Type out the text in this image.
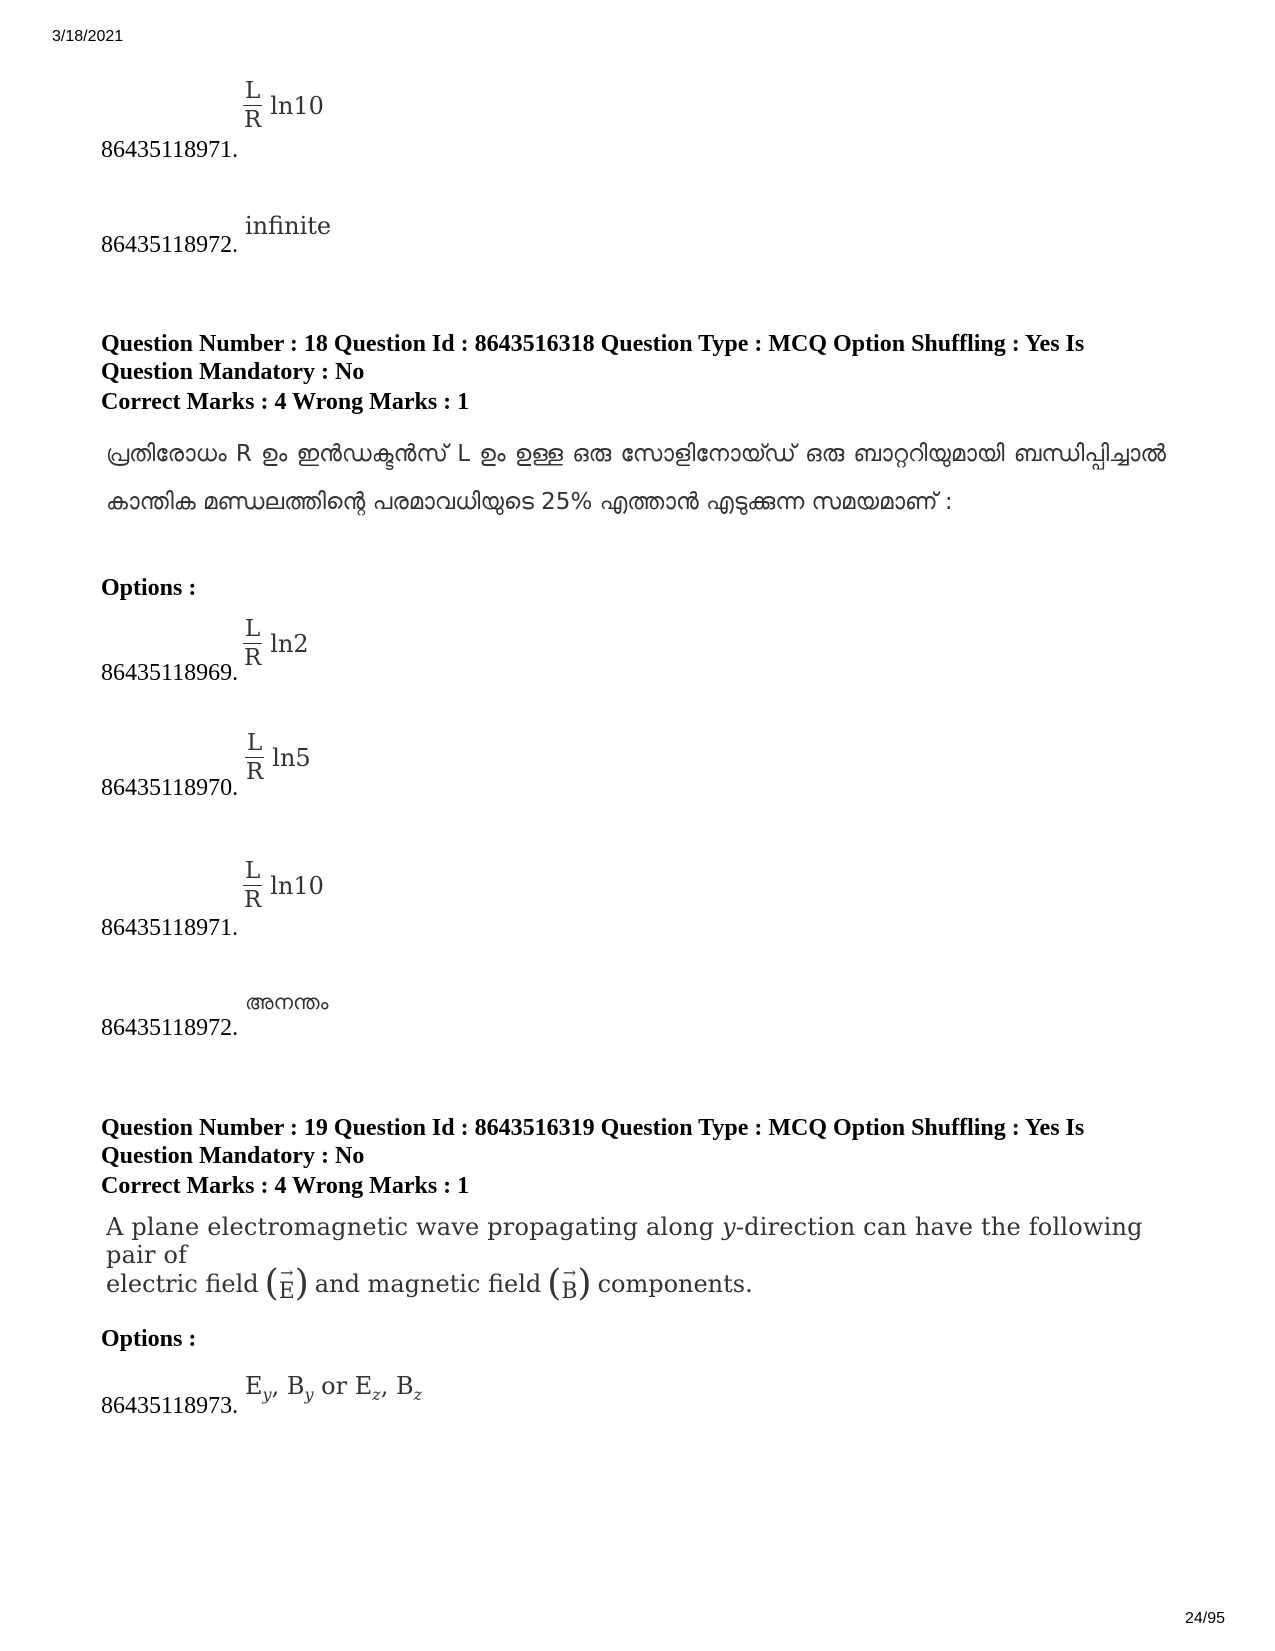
3/18/2021
$\frac{L}{R} \ln 10$
86435118971.
infinite
86435118972.
Question Number : 18 Question Id : 8643516318 Question Type : MCQ Option Shuffling : Yes Is
Question Mandatory : No
Correct Marks : 4 Wrong Marks : 1
പ്രതിരോധം R ഉം ഇൻഡക്ടൻസ് L ഉം ഉള്ള ഒരു സോളിനോയ്ഡ് ഒരു ബാറ്ററിയുമായി ബന്ധിപ്പിച്ചാൽ കാന്തിക മണ്ഡലത്തിന്റെ പരമാവധിയുടെ 25% എത്താൻ എടുക്കുന്ന സമയമാണ് :
Options :
$\frac{L}{R} \ln 2$
86435118969.
$\frac{L}{R} \ln 5$
86435118970.
$\frac{L}{R} \ln 10$
86435118971.
അനന്തം
86435118972.
Question Number : 19 Question Id : 8643516319 Question Type : MCQ Option Shuffling : Yes Is
Question Mandatory : No
Correct Marks : 4 Wrong Marks : 1
A plane electromagnetic wave propagating along y-direction can have the following pair of
electric field ( →
E ) and magnetic field ( →
B ) components.
Options :
$E_y$, $B_y$ or $E_z$, $B_z$
86435118973.
24/95
